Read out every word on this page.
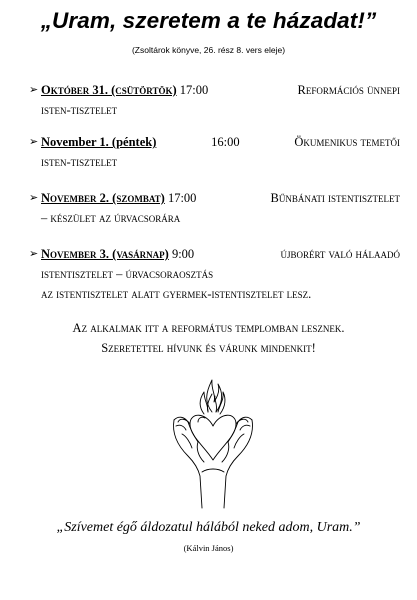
„Uram, szeretem a te házadat!”
(Zsoltárok könyve, 26. rész 8. vers eleje)
➢ Október 31. (csütörtök) 17:00	Reformációs ünnepi
isten-tisztelet
➢ November 1. (péntek)	16:00	Ökumenikus temetői
isten-tisztelet
➢ November 2. (szombat) 17:00	Bűnbánati istentisztelet
– készület az úrvacsorára
➢ November 3. (vasárnap) 9:00	újborért való hálaadó
istentisztelet – úrvacsoraosztás
az istentisztelet alatt gyermek-istentisztelet lesz.
Az alkalmak itt a református templomban lesznek.
Szeretettel hívunk és várunk mindenkit!
„Szívemet égő áldozatul hálából neked adom, Uram.”
(Kálvin János)
